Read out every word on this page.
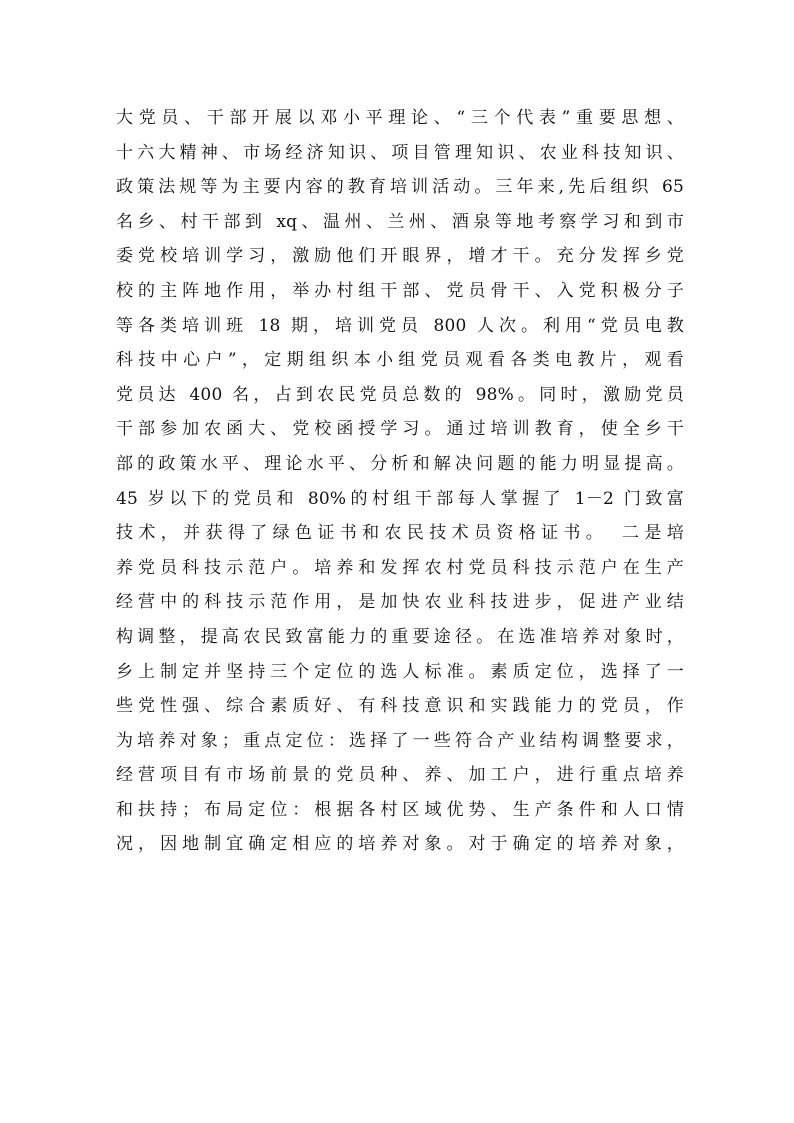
大党员、干部开展以邓小平理论、“三个代表”重要思想、
十六大精神、市场经济知识、项目管理知识、农业科技知识、
政策法规等为主要内容的教育培训活动。三年来,先后组织 65
名乡、村干部到 xq、温州、兰州、酒泉等地考察学习和到市
委党校培训学习，激励他们开眼界，增才干。充分发挥乡党
校的主阵地作用，举办村组干部、党员骨干、入党积极分子
等各类培训班 18 期，培训党员 800 人次。利用“党员电教
科技中心户”，定期组织本小组党员观看各类电教片，观看
党员达 400 名，占到农民党员总数的 98%。同时，激励党员
干部参加农函大、党校函授学习。通过培训教育，使全乡干
部的政策水平、理论水平、分析和解决问题的能力明显提高。
45 岁以下的党员和 80%的村组干部每人掌握了 1－2 门致富
技术，并获得了绿色证书和农民技术员资格证书。　二是培
养党员科技示范户。培养和发挥农村党员科技示范户在生产
经营中的科技示范作用，是加快农业科技进步，促进产业结
构调整，提高农民致富能力的重要途径。在选准培养对象时，
乡上制定并坚持三个定位的选人标准。素质定位，选择了一
些党性强、综合素质好、有科技意识和实践能力的党员，作
为培养对象；重点定位：选择了一些符合产业结构调整要求，
经营项目有市场前景的党员种、养、加工户，进行重点培养
和扶持；布局定位：根据各村区域优势、生产条件和人口情
况，因地制宜确定相应的培养对象。对于确定的培养对象，
